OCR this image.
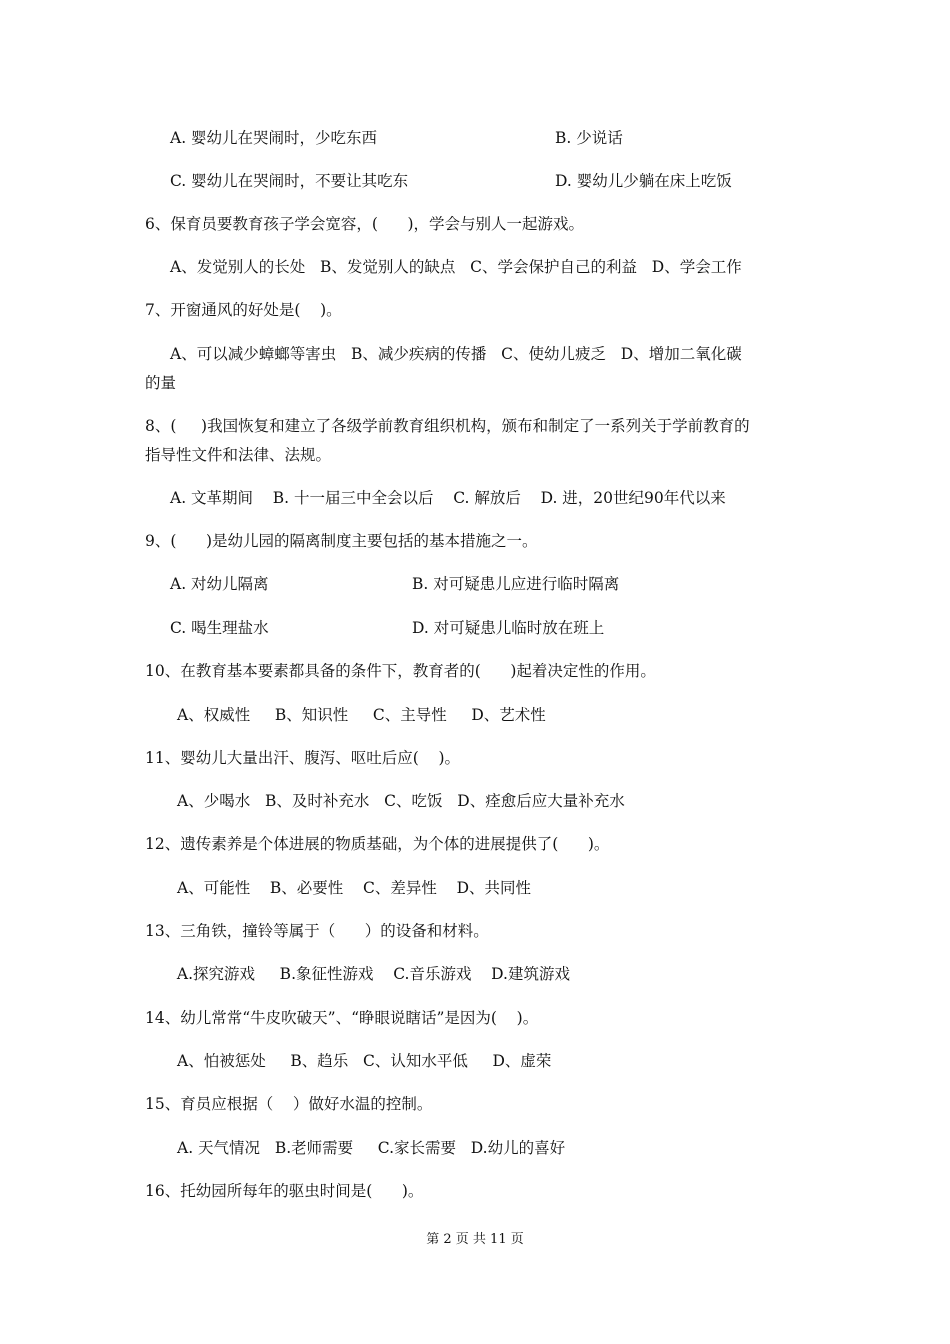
A. 婴幼儿在哭闹时，少吃东西	B. 少说话
C. 婴幼儿在哭闹时，不要让其吃东	D. 婴幼儿少躺在床上吃饭
6、保育员要教育孩子学会宽容，(      )，学会与别人一起游戏。
A、发觉别人的长处   B、发觉别人的缺点   C、学会保护自己的利益   D、学会工作
7、开窗通风的好处是(    )。
A、可以减少蟑螂等害虫   B、减少疾病的传播   C、使幼儿疲乏   D、增加二氧化碳
的量
8、(     )我国恢复和建立了各级学前教育组织机构，颁布和制定了一系列关于学前教育的
指导性文件和法律、法规。
A. 文革期间    B. 十一届三中全会以后    C. 解放后    D. 进，20世纪90年代以来
9、(      )是幼儿园的隔离制度主要包括的基本措施之一。
A. 对幼儿隔离	B. 对可疑患儿应进行临时隔离
C. 喝生理盐水	D. 对可疑患儿临时放在班上
10、在教育基本要素都具备的条件下，教育者的(      )起着决定性的作用。
A、权威性     B、知识性     C、主导性     D、艺术性
11、婴幼儿大量出汗、腹泻、呕吐后应(    )。
A、少喝水   B、及时补充水   C、吃饭   D、痊愈后应大量补充水
12、遗传素养是个体进展的物质基础，为个体的进展提供了(      )。
A、可能性    B、必要性    C、差异性    D、共同性
13、三角铁，撞铃等属于（      ）的设备和材料。
A.探究游戏     B.象征性游戏    C.音乐游戏    D.建筑游戏
14、幼儿常常“牛皮吹破天”、“睁眼说瞎话”是因为(    )。
A、怕被惩处     B、趋乐   C、认知水平低     D、虚荣
15、育员应根据（    ）做好水温的控制。
A. 天气情况   B.老师需要     C.家长需要   D.幼儿的喜好
16、托幼园所每年的驱虫时间是(      )。
第 2 页 共 11 页
